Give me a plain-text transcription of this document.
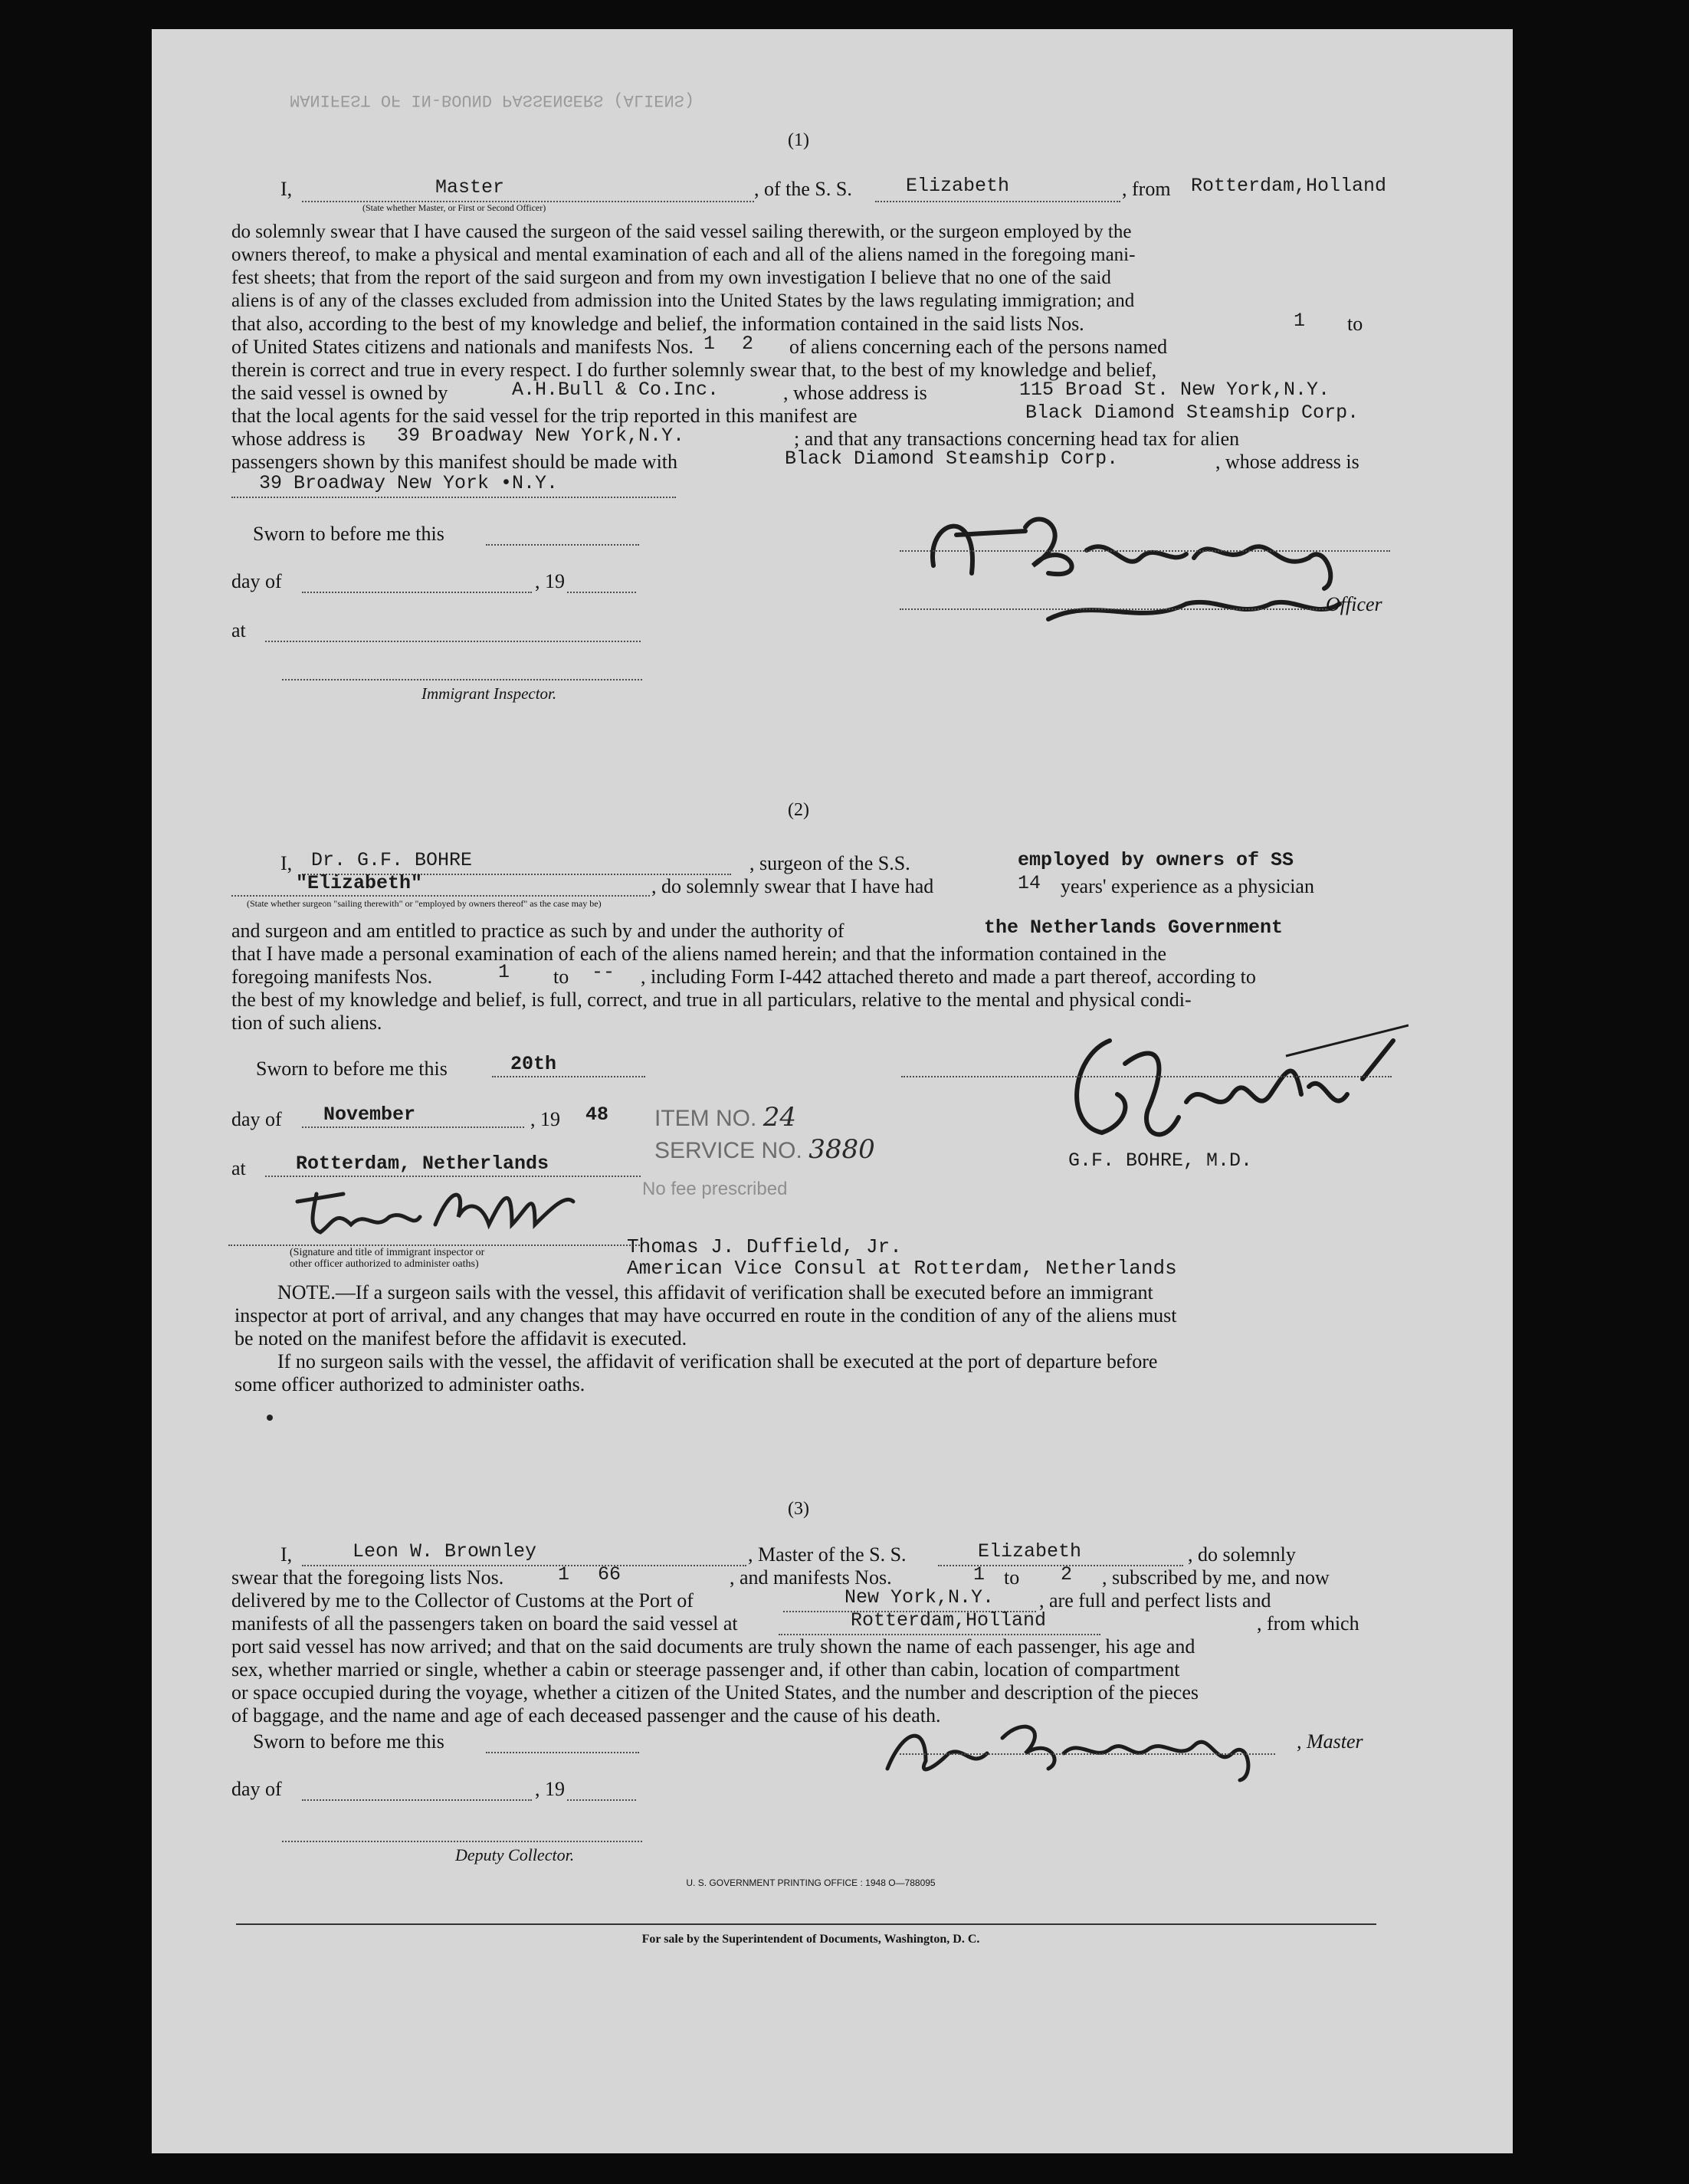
MANIFEST OF IN-BOUND PASSENGERS (ALIENS)
(1)
I,	Master
(State whether Master, or First or Second Officer)
, of the S. S.	Elizabeth	, from Rotterdam,Holland
do solemnly swear that I have caused the surgeon of the said vessel sailing therewith, or the surgeon employed by the
owners thereof, to make a physical and mental examination of each and all of the aliens named in the foregoing mani-
fest sheets; that from the report of the said surgeon and from my own investigation I believe that no one of the said
aliens is of any of the classes excluded from admission into the United States by the laws regulating immigration; and
that also, according to the best of my knowledge and belief, the information contained in the said lists Nos.	1 to
of United States citizens and nationals and manifests Nos. 1 2 of aliens concerning each of the persons named
therein is correct and true in every respect. I do further solemnly swear that, to the best of my knowledge and belief,
the said vessel is owned by	A.H.Bull & Co.Inc.	, whose address is	115 Broad St. New York,N.Y.
that the local agents for the said vessel for the trip reported in this manifest are	Black Diamond Steamship Corp.
whose address is 39 Broadway New York,N.Y.	; and that any transactions concerning head tax for alien
passengers shown by this manifest should be made with	Black Diamond Steamship Corp.	, whose address is
39 Broadway New York •N.Y.
Sworn to before me this
day of	, 19
at
Immigrant Inspector.
Officer
(2)
I, Dr. G.F. BOHRE	, surgeon of the S.S.	employed by owners of SS
"Elizabeth"	, do solemnly swear that I have had	14 years' experience as a physician
(State whether surgeon "sailing therewith" or "employed by owners thereof" as the case may be)
and surgeon and am entitled to practice as such by and under the authority of	the Netherlands Government
that I have made a personal examination of each of the aliens named herein; and that the information contained in the
foregoing manifests Nos.	1 to -- , including Form I-442 attached thereto and made a part thereof, according to
the best of my knowledge and belief, is full, correct, and true in all particulars, relative to the mental and physical condi-
tion of such aliens.
Sworn to before me this	20th
day of November	, 19 48
at	Rotterdam, Netherlands
(Signature and title of immigrant inspector or
other officer authorized to administer oaths)
Thomas J. Duffield, Jr.
American Vice Consul at Rotterdam, Netherlands
ITEM NO. 24
SERVICE NO. 3880
No fee prescribed
G.F. BOHRE, M.D.
NOTE.—If a surgeon sails with the vessel, this affidavit of verification shall be executed before an immigrant
inspector at port of arrival, and any changes that may have occurred en route in the condition of any of the aliens must
be noted on the manifest before the affidavit is executed.
If no surgeon sails with the vessel, the affidavit of verification shall be executed at the port of departure before
some officer authorized to administer oaths.
(3)
I,	Leon W. Brownley	, Master of the S. S.	Elizabeth	, do solemnly
swear that the foregoing lists Nos.	1 66	, and manifests Nos.	1 to 2 , subscribed by me, and now
delivered by me to the Collector of Customs at the Port of	New York,N.Y. , are full and perfect lists and
manifests of all the passengers taken on board the said vessel at	Rotterdam,Holland	, from which
port said vessel has now arrived; and that on the said documents are truly shown the name of each passenger, his age and
sex, whether married or single, whether a cabin or steerage passenger and, if other than cabin, location of compartment
or space occupied during the voyage, whether a citizen of the United States, and the number and description of the pieces
of baggage, and the name and age of each deceased passenger and the cause of his death.
Sworn to before me this	, Master
day of	, 19
Deputy Collector.
U. S. GOVERNMENT PRINTING OFFICE : 1948 O—788095
For sale by the Superintendent of Documents, Washington, D. C.
